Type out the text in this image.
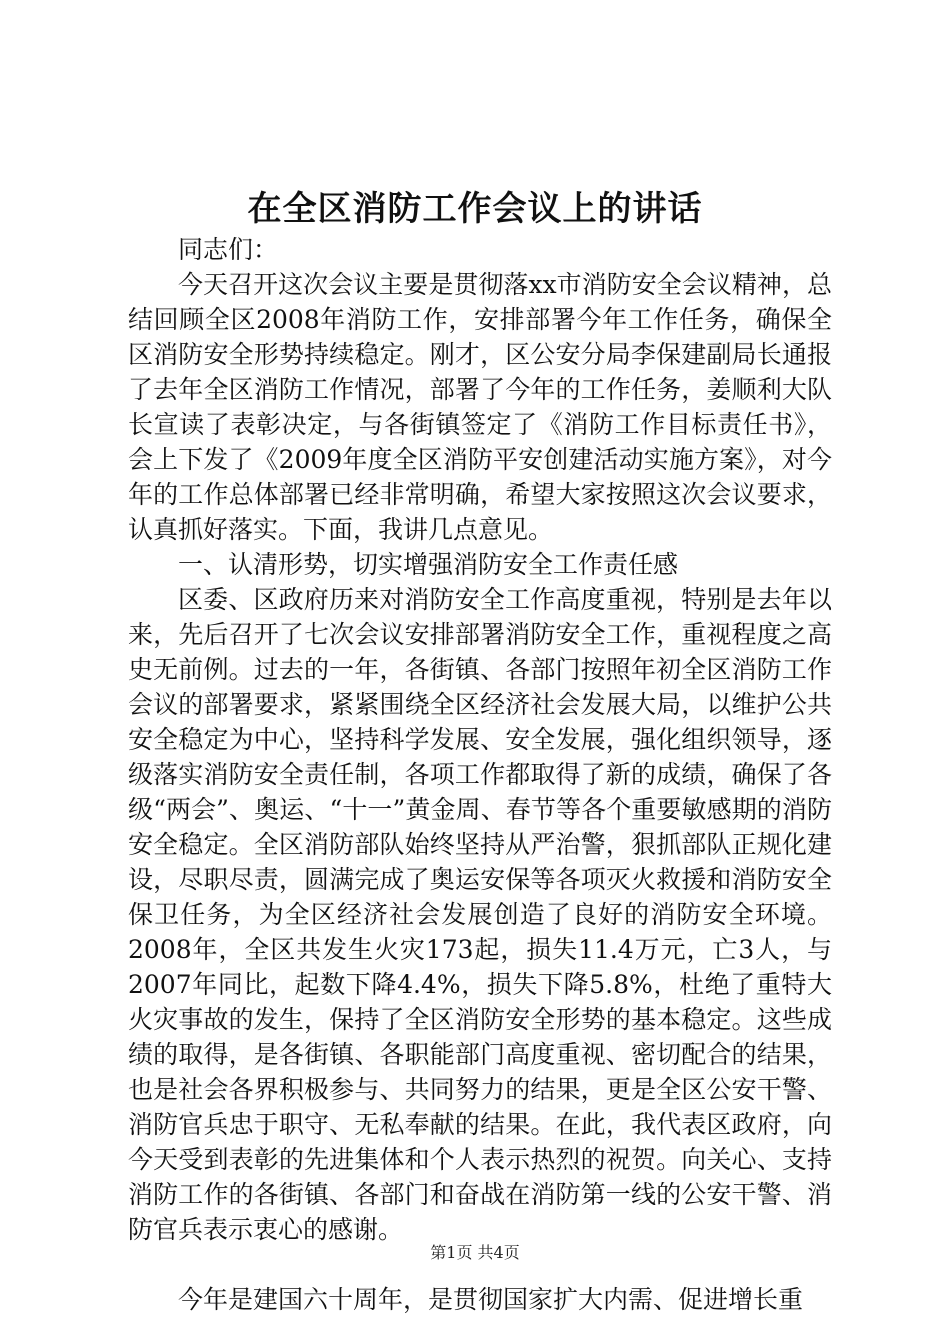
在全区消防工作会议上的讲话

同志们：

今天召开这次会议主要是贯彻落xx市消防安全会议精神，总结回顾全区2008年消防工作，安排部署今年工作任务，确保全区消防安全形势持续稳定。刚才，区公安分局李保建副局长通报了去年全区消防工作情况，部署了今年的工作任务，姜顺利大队长宣读了表彰决定，与各街镇签定了《消防工作目标责任书》，会上下发了《2009年度全区消防平安创建活动实施方案》，对今年的工作总体部署已经非常明确，希望大家按照这次会议要求，认真抓好落实。下面，我讲几点意见。

一、认清形势，切实增强消防安全工作责任感

区委、区政府历来对消防安全工作高度重视，特别是去年以来，先后召开了七次会议安排部署消防安全工作，重视程度之高史无前例。过去的一年，各街镇、各部门按照年初全区消防工作会议的部署要求，紧紧围绕全区经济社会发展大局，以维护公共安全稳定为中心，坚持科学发展、安全发展，强化组织领导，逐级落实消防安全责任制，各项工作都取得了新的成绩，确保了各级“两会”、奥运、“十一”黄金周、春节等各个重要敏感期的消防安全稳定。全区消防部队始终坚持从严治警，狠抓部队正规化建设，尽职尽责，圆满完成了奥运安保等各项灭火救援和消防安全保卫任务，为全区经济社会发展创造了良好的消防安全环境。2008年，全区共发生火灾173起，损失11.4万元，亡3人，与2007年同比，起数下降4.4%，损失下降5.8%，杜绝了重特大火灾事故的发生，保持了全区消防安全形势的基本稳定。这些成绩的取得，是各街镇、各职能部门高度重视、密切配合的结果，也是社会各界积极参与、共同努力的结果，更是全区公安干警、消防官兵忠于职守、无私奉献的结果。在此，我代表区政府，向今天受到表彰的先进集体和个人表示热烈的祝贺。向关心、支持消防工作的各街镇、各部门和奋战在消防第一线的公安干警、消防官兵表示衷心的感谢。

今年是建国六十周年，是贯彻国家扩大内需、促进增长重

第1页 共4页
